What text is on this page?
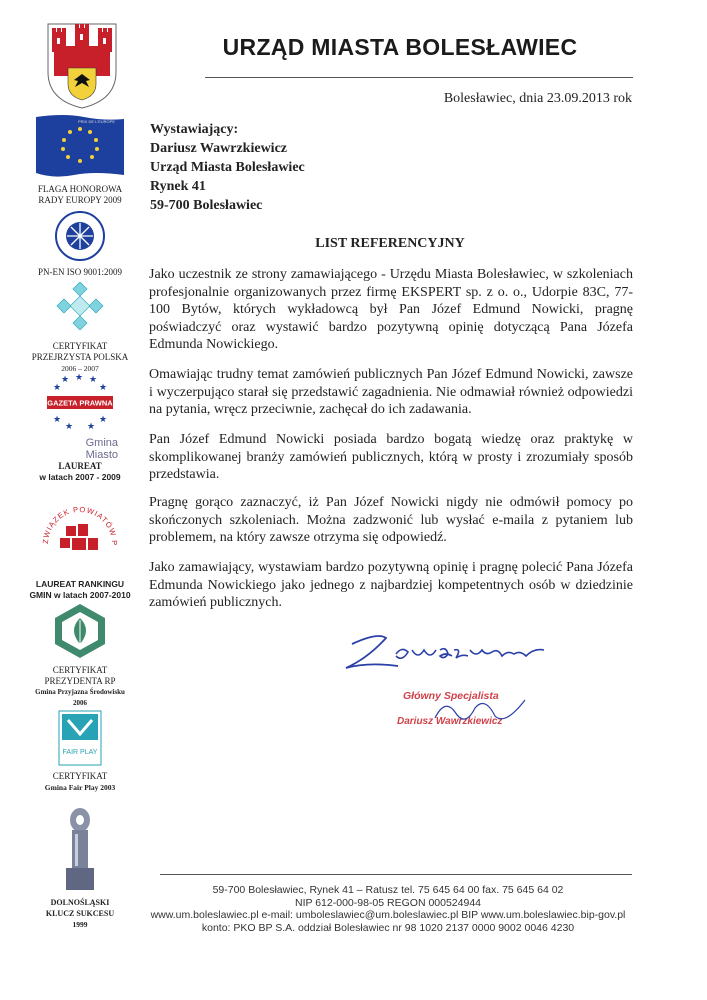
URZĄD MIASTA BOLESŁAWIEC
Bolesławiec, dnia 23.09.2013 rok
PRIX DE L'EUROPE
FLAGA HONOROWA
RADY EUROPY 2009
PN-EN ISO 9001:2009
CERTYFIKAT
PRZEJRZYSTA POLSKA
2006 – 2007
★ ★ ★
★	★
GAZETA PRAWNA
★	★
★ ★
Gmina
Miasto
LAUREAT
w latach 2007 - 2009
ZWIĄZEK POWIATÓW P
LAUREAT RANKINGU
GMIN w latach 2007-2010
CERTYFIKAT
PREZYDENTA RP
Gmina Przyjazna Środowisku
2006
FAIR PLAY
CERTYFIKAT
Gmina Fair Play 2003
DOLNOŚLĄSKI
KLUCZ SUKCESU
1999
Wystawiający:
Dariusz Wawrzkiewicz
Urząd Miasta Bolesławiec
Rynek 41
59-700 Bolesławiec
LIST REFERENCYJNY
Jako uczestnik ze strony zamawiającego - Urzędu Miasta Bolesławiec, w szkoleniach profesjonalnie organizowanych przez firmę EKSPERT sp. z o. o., Udorpie 83C, 77-100 Bytów, których wykładowcą był Pan Józef Edmund Nowicki, pragnę poświadczyć oraz wystawić bardzo pozytywną opinię dotyczącą Pana Józefa Edmunda Nowickiego.
Omawiając trudny temat zamówień publicznych Pan Józef Edmund Nowicki, zawsze i wyczerpująco starał się przedstawić zagadnienia. Nie odmawiał również odpowiedzi na pytania, wręcz przeciwnie, zachęcał do ich zadawania.
Pan Józef Edmund Nowicki posiada bardzo bogatą wiedzę oraz praktykę w skomplikowanej branży zamówień publicznych, którą w prosty i zrozumiały sposób przedstawia.
Pragnę gorąco zaznaczyć, iż Pan Józef Nowicki nigdy nie odmówił pomocy po skończonych szkoleniach. Można zadzwonić lub wysłać e-maila z pytaniem lub problemem, na który zawsze otrzyma się odpowiedź.
Jako zamawiający, wystawiam bardzo pozytywną opinię i pragnę polecić Pana Józefa Edmunda Nowickiego jako jednego z najbardziej kompetentnych osób w dziedzinie zamówień publicznych.
Główny Specjalista
Dariusz Wawrzkiewicz
59-700 Bolesławiec, Rynek 41 – Ratusz tel. 75 645 64 00 fax. 75 645 64 02
NIP 612-000-98-05 REGON 000524944
www.um.boleslawiec.pl e-mail: umboleslawiec@um.boleslawiec.pl BIP www.um.boleslawiec.bip-gov.pl
konto: PKO BP S.A. oddział Bolesławiec nr 98 1020 2137 0000 9002 0046 4230
